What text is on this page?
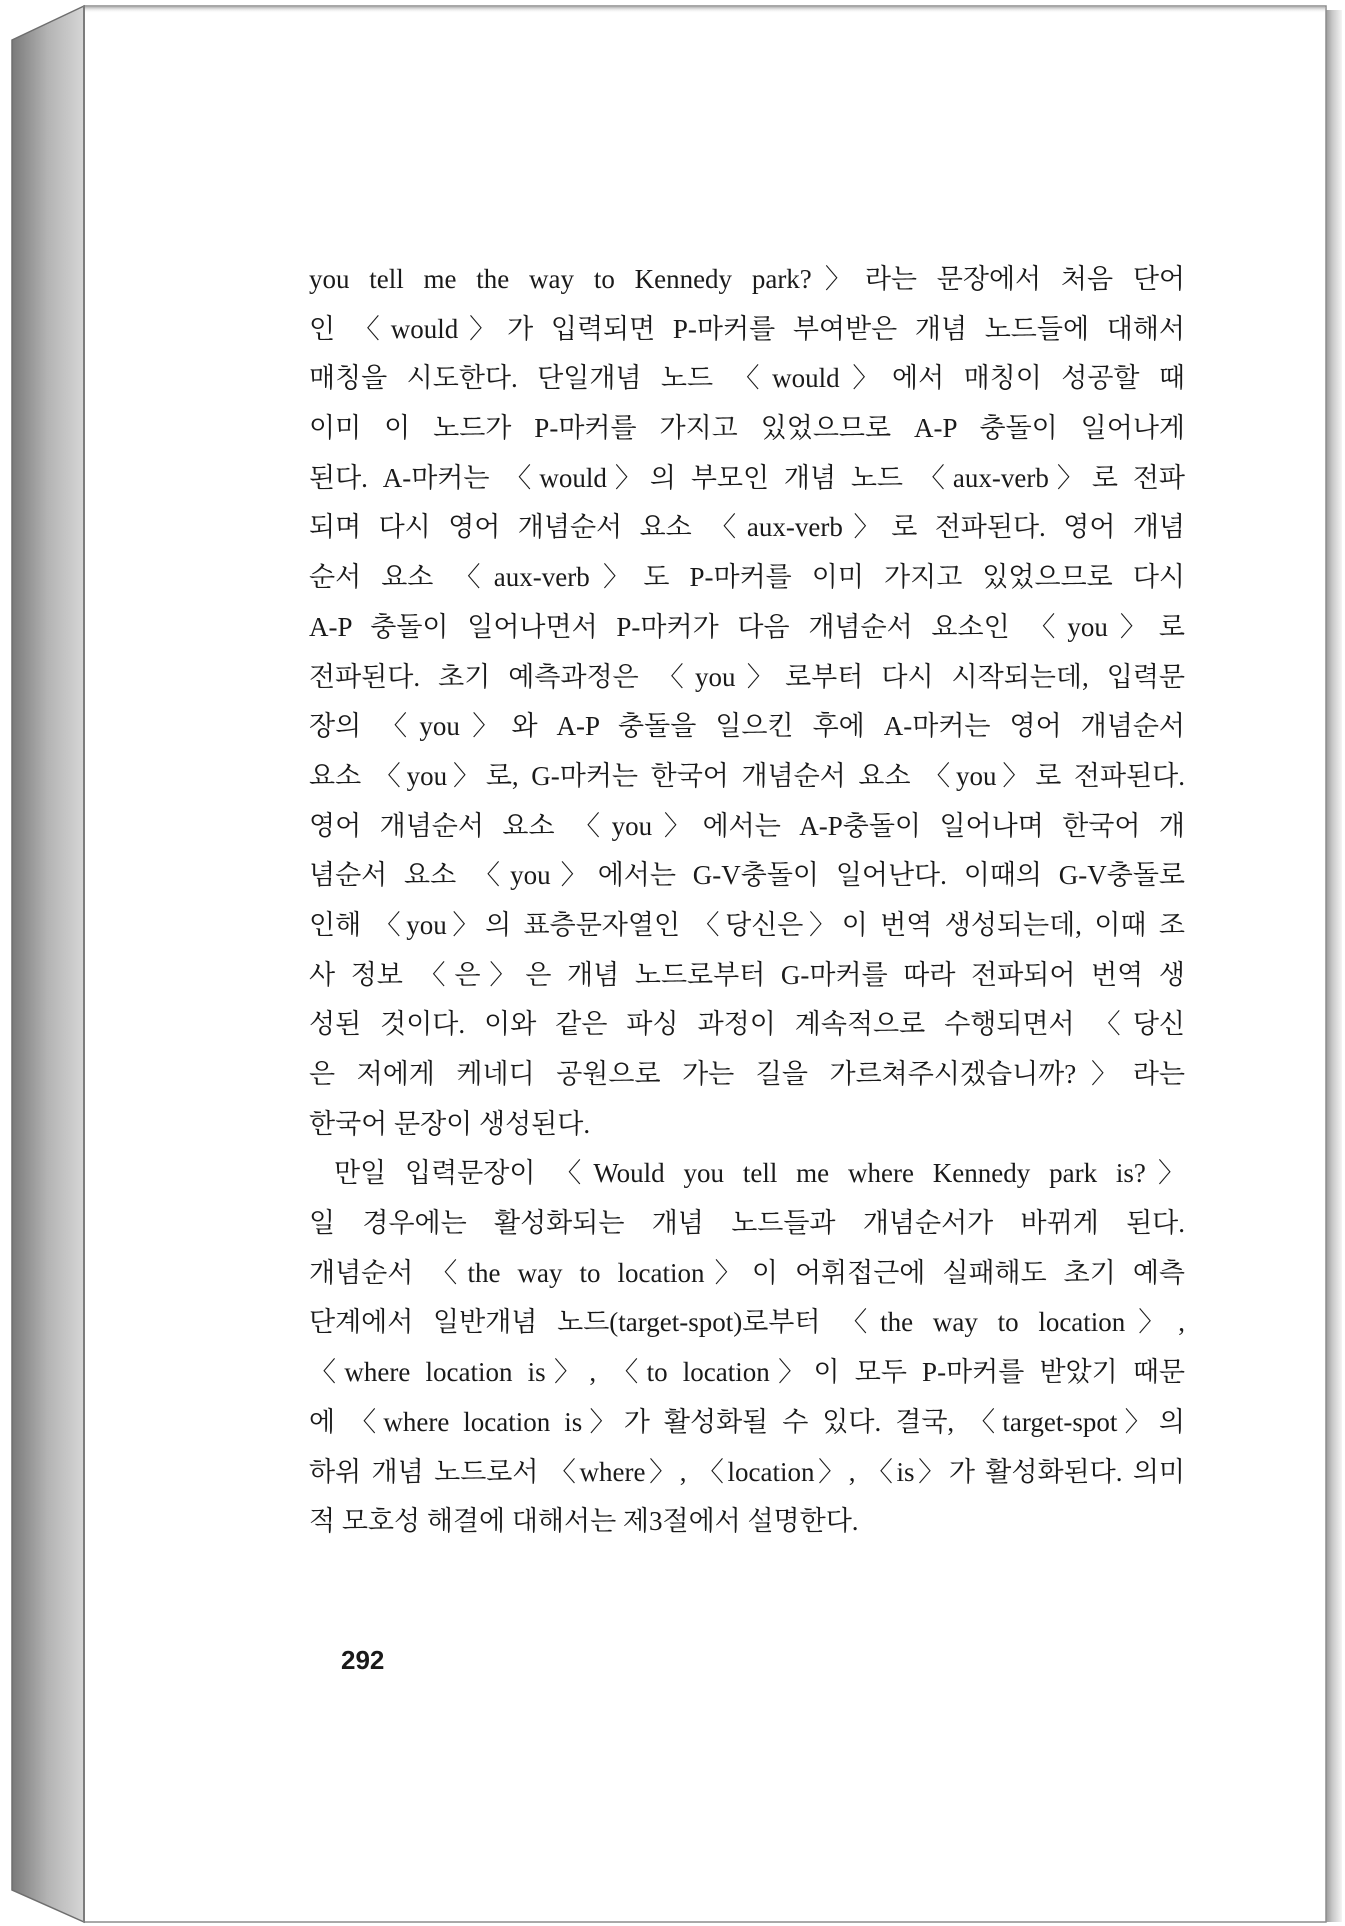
you tell me the way to Kennedy park?〉라는 문장에서 처음 단어
인 〈would〉가 입력되면 P-마커를 부여받은 개념 노드들에 대해서
매칭을 시도한다. 단일개념 노드 〈would〉에서 매칭이 성공할 때
이미 이 노드가 P-마커를 가지고 있었으므로 A-P 충돌이 일어나게
된다. A-마커는 〈would〉의 부모인 개념 노드 〈aux-verb〉로 전파
되며 다시 영어 개념순서 요소 〈aux-verb〉로 전파된다. 영어 개념
순서 요소 〈aux-verb〉도 P-마커를 이미 가지고 있었으므로 다시
A-P 충돌이 일어나면서 P-마커가 다음 개념순서 요소인 〈you〉로
전파된다. 초기 예측과정은 〈you〉로부터 다시 시작되는데, 입력문
장의 〈you〉와 A-P 충돌을 일으킨 후에 A-마커는 영어 개념순서
요소 〈you〉로, G-마커는 한국어 개념순서 요소 〈you〉로 전파된다.
영어 개념순서 요소 〈you〉에서는 A-P충돌이 일어나며 한국어 개
념순서 요소 〈you〉에서는 G-V충돌이 일어난다. 이때의 G-V충돌로
인해 〈you〉의 표층문자열인 〈당신은〉이 번역 생성되는데, 이때 조
사 정보 〈은〉은 개념 노드로부터 G-마커를 따라 전파되어 번역 생
성된 것이다. 이와 같은 파싱 과정이 계속적으로 수행되면서 〈당신
은 저에게 케네디 공원으로 가는 길을 가르쳐주시겠습니까?〉라는
한국어 문장이 생성된다.
만일 입력문장이 〈Would you tell me where Kennedy park is?〉
일 경우에는 활성화되는 개념 노드들과 개념순서가 바뀌게 된다.
개념순서 〈the way to location〉이 어휘접근에 실패해도 초기 예측
단계에서 일반개념 노드(target-spot)로부터 〈the way to location〉,
〈where location is〉, 〈to location〉이 모두 P-마커를 받았기 때문
에 〈where location is〉가 활성화될 수 있다. 결국, 〈target-spot〉의
하위 개념 노드로서 〈where〉, 〈location〉, 〈is〉가 활성화된다. 의미
적 모호성 해결에 대해서는 제3절에서 설명한다.
292
